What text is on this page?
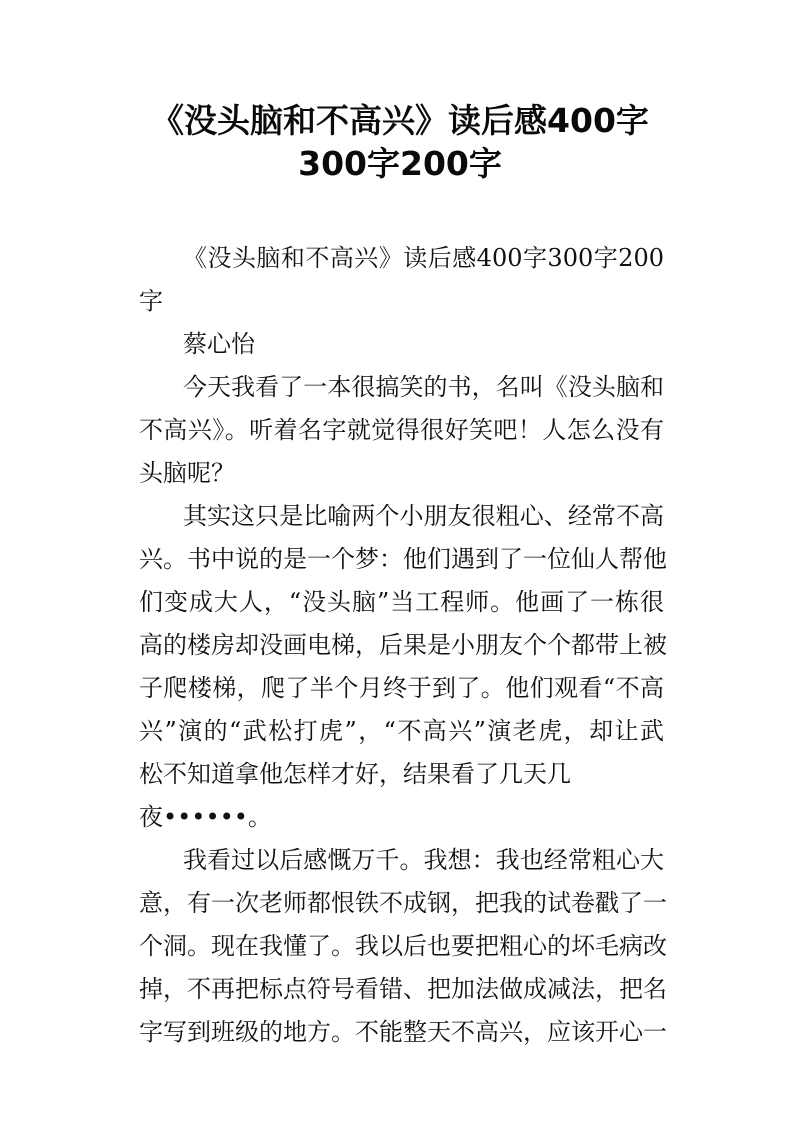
《没头脑和不高兴》读后感400字
300字200字
《没头脑和不高兴》读后感400字300字200
字
蔡心怡
今天我看了一本很搞笑的书，名叫《没头脑和
不高兴》。听着名字就觉得很好笑吧！人怎么没有
头脑呢？
其实这只是比喻两个小朋友很粗心、经常不高
兴。书中说的是一个梦：他们遇到了一位仙人帮他
们变成大人，“没头脑”当工程师。他画了一栋很
高的楼房却没画电梯，后果是小朋友个个都带上被
子爬楼梯，爬了半个月终于到了。他们观看“不高
兴”演的“武松打虎”，“不高兴”演老虎，却让武
松不知道拿他怎样才好，结果看了几天几
夜••••••。
我看过以后感慨万千。我想：我也经常粗心大
意，有一次老师都恨铁不成钢，把我的试卷戳了一
个洞。现在我懂了。我以后也要把粗心的坏毛病改
掉，不再把标点符号看错、把加法做成减法，把名
字写到班级的地方。不能整天不高兴，应该开心一
